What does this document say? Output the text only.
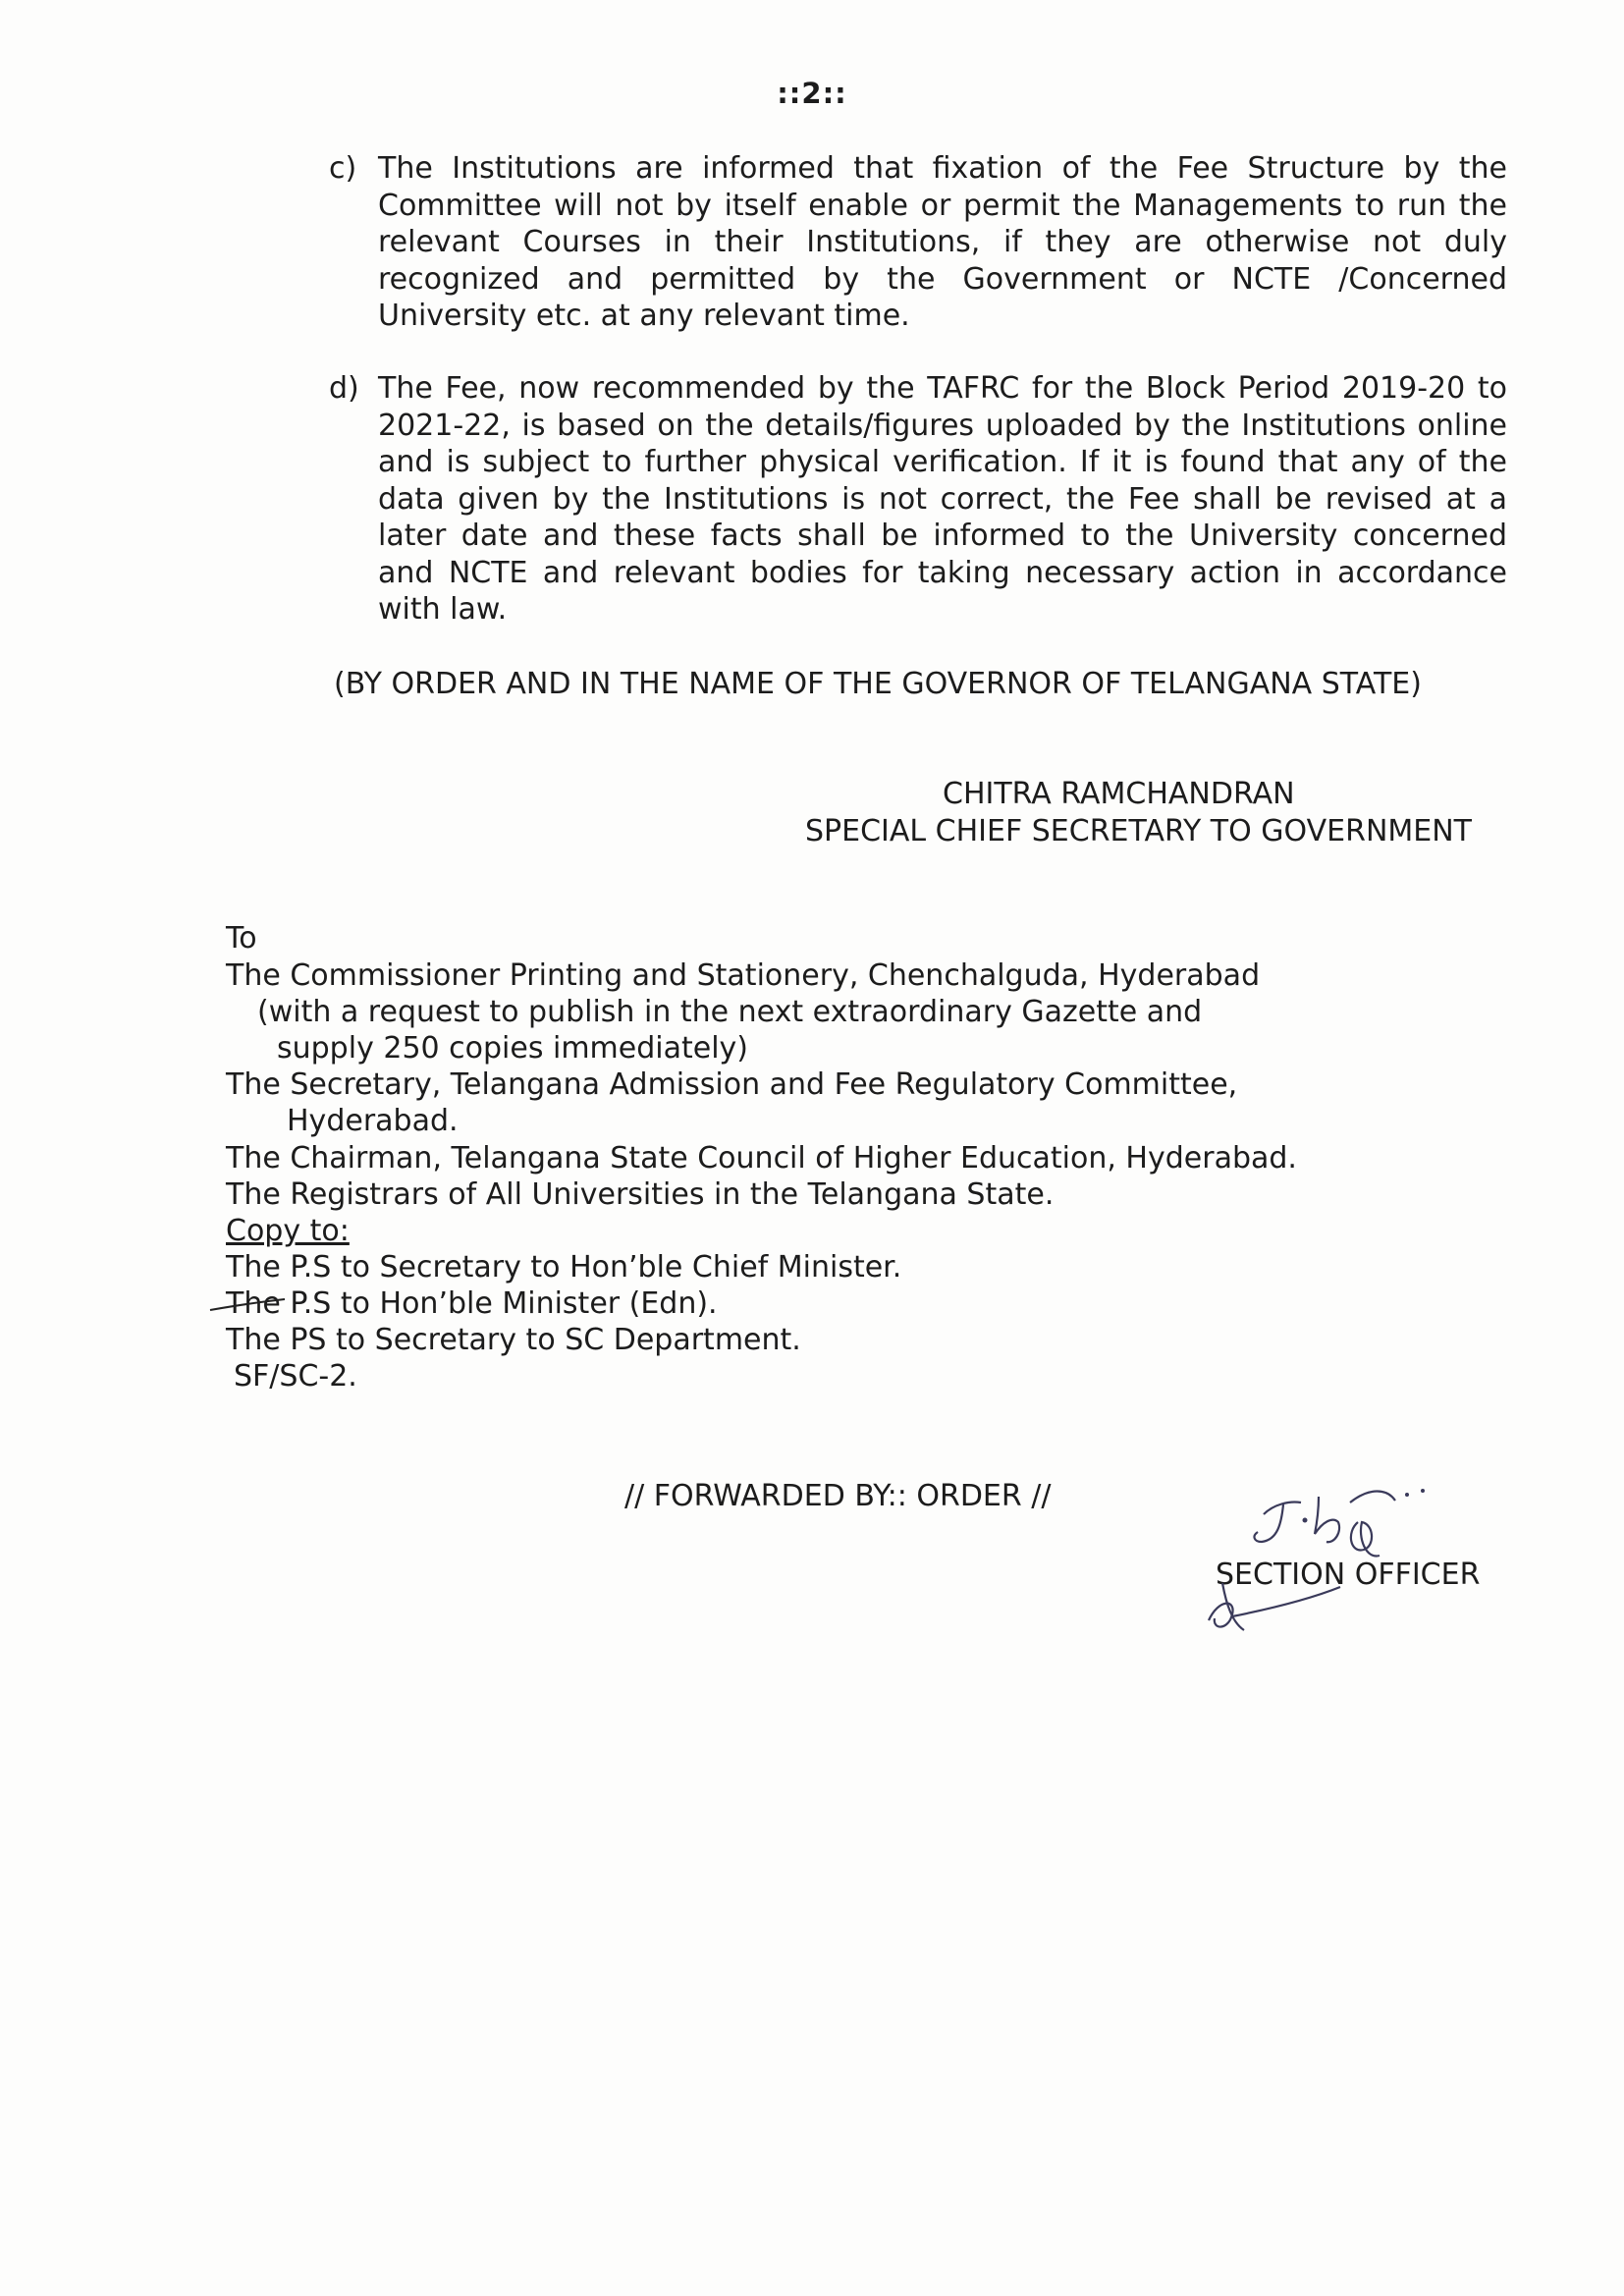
::2::
c) The Institutions are informed that fixation of the Fee Structure by the Committee will not by itself enable or permit the Managements to run the relevant Courses in their Institutions, if they are otherwise not duly recognized and permitted by the Government or NCTE /Concerned University etc. at any relevant time.
d) The Fee, now recommended by the TAFRC for the Block Period 2019-20 to 2021-22, is based on the details/figures uploaded by the Institutions online and is subject to further physical verification. If it is found that any of the data given by the Institutions is not correct, the Fee shall be revised at a later date and these facts shall be informed to the University concerned and NCTE and relevant bodies for taking necessary action in accordance with law.
(BY ORDER AND IN THE NAME OF THE GOVERNOR OF TELANGANA STATE)
CHITRA RAMCHANDRAN
SPECIAL CHIEF SECRETARY TO GOVERNMENT
To
The Commissioner Printing and Stationery, Chenchalguda, Hyderabad
(with a request to publish in the next extraordinary Gazette and
supply 250 copies immediately)
The Secretary, Telangana Admission and Fee Regulatory Committee,
Hyderabad.
The Chairman, Telangana State Council of Higher Education, Hyderabad.
The Registrars of All Universities in the Telangana State.
Copy to:
The P.S to Secretary to Hon’ble Chief Minister.
The P.S to Hon’ble Minister (Edn).
The PS to Secretary to SC Department.
SF/SC-2.
// FORWARDED BY:: ORDER //
SECTION OFFICER
